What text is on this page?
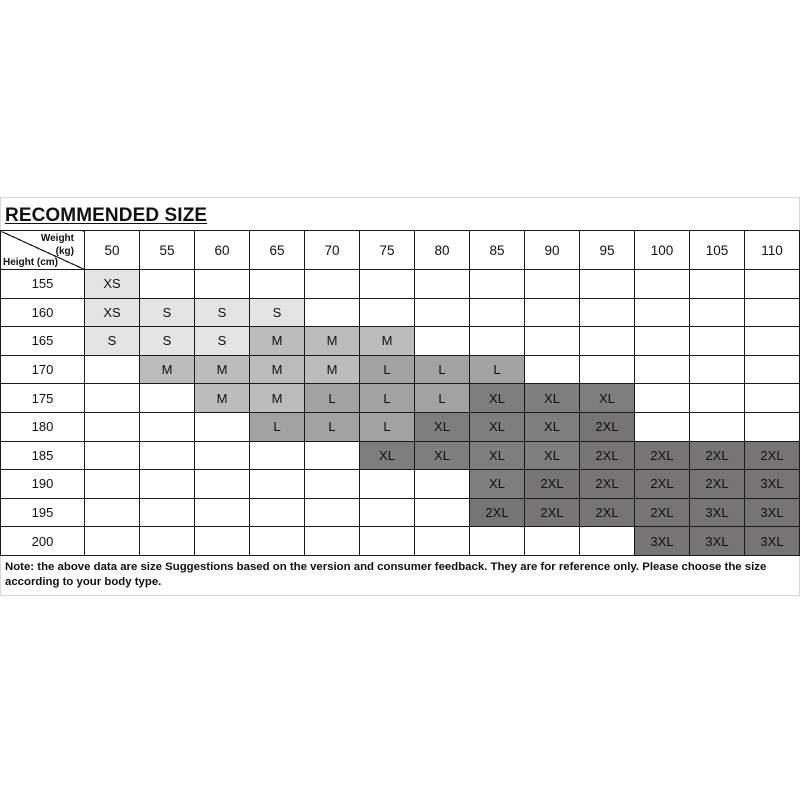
RECOMMENDED SIZE
Weight
(kg)
Height (cm)	50	55	60	65	70	75	80	85	90	95	100	105	110
155	XS												
160	XS	S	S	S									
165	S	S	S	M	M	M							
170		M	M	M	M	L	L	L					
175			M	M	L	L	L	XL	XL	XL			
180				L	L	L	XL	XL	XL	2XL			
185						XL	XL	XL	XL	2XL	2XL	2XL	2XL
190								XL	2XL	2XL	2XL	2XL	3XL
195								2XL	2XL	2XL	2XL	3XL	3XL
200											3XL	3XL	3XL
Note: the above data are size Suggestions based on the version and consumer feedback. They are for reference only. Please choose the size according to your body type.
